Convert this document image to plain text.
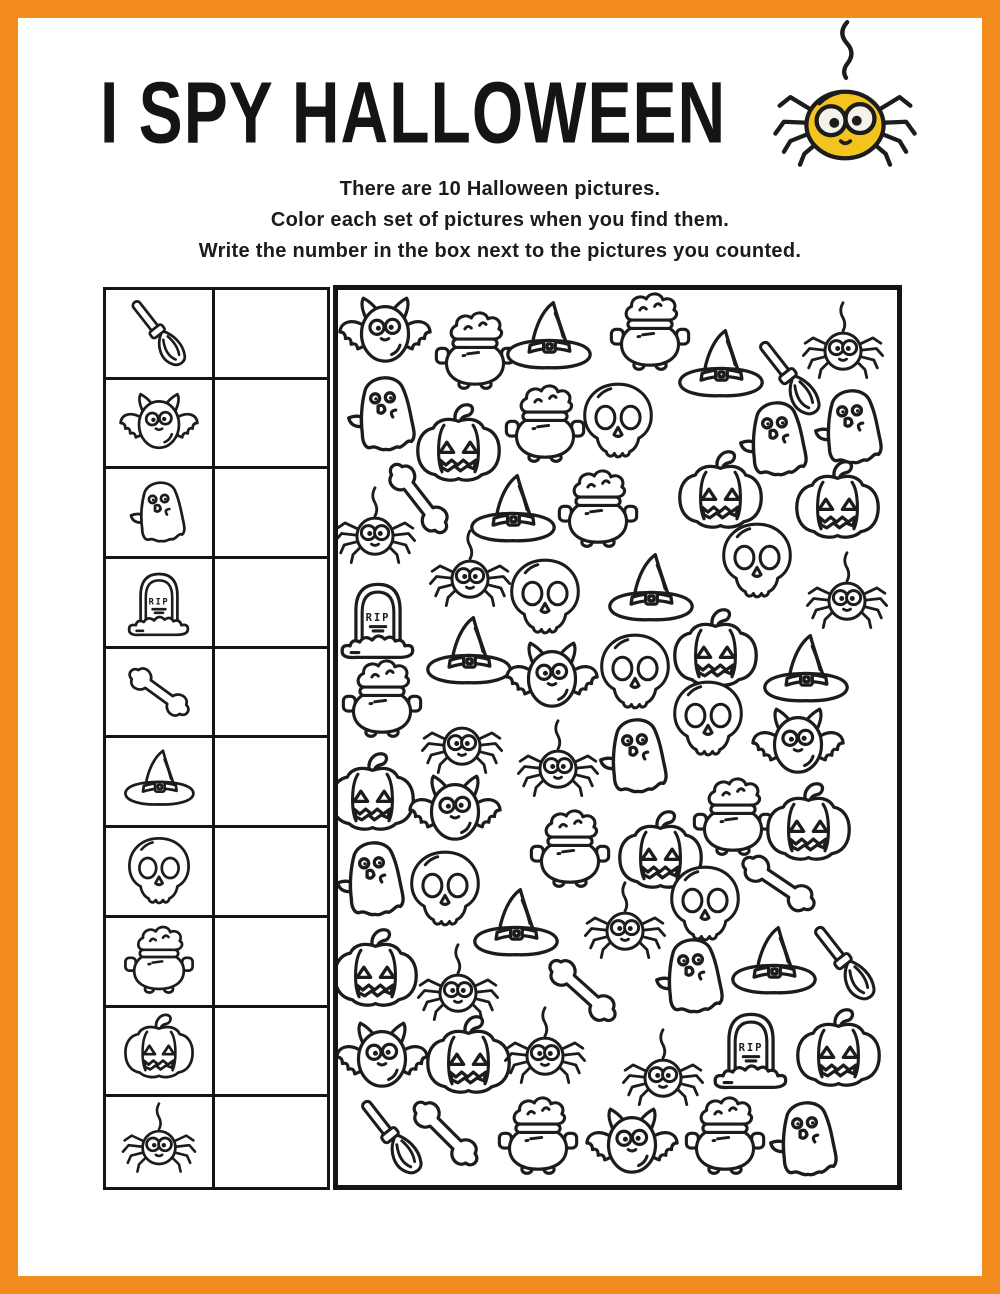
I SPY HALLOWEEN

There are 10 Halloween pictures.

Color each set of pictures when you find them.

Write the number in the box next to the pictures you counted.

RIP
RIP
RIP
